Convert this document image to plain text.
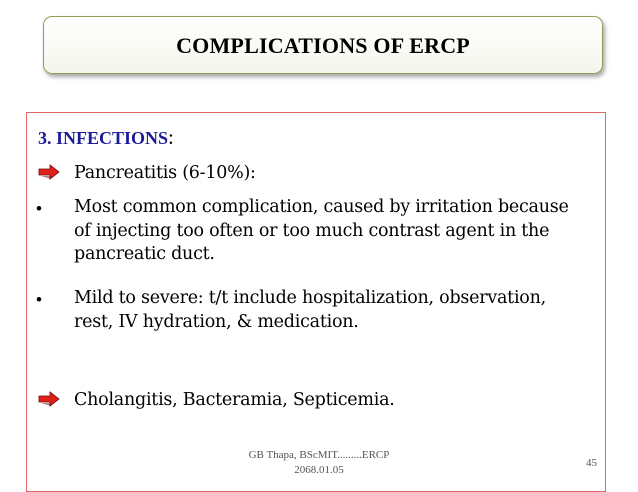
COMPLICATIONS OF ERCP
3. INFECTIONS:
Pancreatitis (6-10%):
• Most common complication, caused by irritation because of injecting too often or too much contrast agent in the pancreatic duct.
• Mild to severe: t/t include hospitalization, observation, rest, IV hydration, & medication.
Cholangitis, Bacteramia, Septicemia.
GB Thapa, BScMIT.........ERCP
2068.01.05
45
